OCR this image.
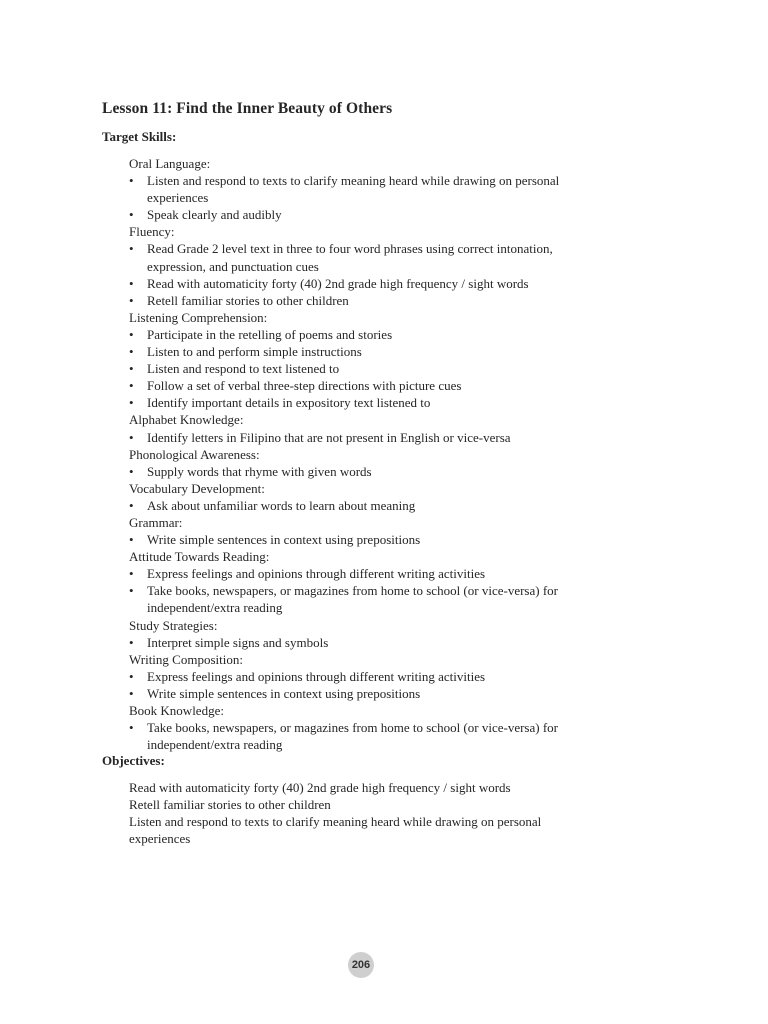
Lesson 11: Find the Inner Beauty of Others
Target Skills:
Oral Language:
• Listen and respond to texts to clarify meaning heard while drawing on personal
experiences
• Speak clearly and audibly
Fluency:
• Read Grade 2 level text in three to four word phrases using correct intonation,
expression, and punctuation cues
• Read with automaticity forty (40) 2nd grade high frequency / sight words
• Retell familiar stories to other children
Listening Comprehension:
• Participate in the retelling of poems and stories
• Listen to and perform simple instructions
• Listen and respond to text listened to
• Follow a set of verbal three-step directions with picture cues
• Identify important details in expository text listened to
Alphabet Knowledge:
• Identify letters in Filipino that are not present in English or vice-versa
Phonological Awareness:
• Supply words that rhyme with given words
Vocabulary Development:
• Ask about unfamiliar words to learn about meaning
Grammar:
• Write simple sentences in context using prepositions
Attitude Towards Reading:
• Express feelings and opinions through different writing activities
• Take books, newspapers, or magazines from home to school (or vice-versa) for
independent/extra reading
Study Strategies:
• Interpret simple signs and symbols
Writing Composition:
• Express feelings and opinions through different writing activities
• Write simple sentences in context using prepositions
Book Knowledge:
• Take books, newspapers, or magazines from home to school (or vice-versa) for
independent/extra reading
Objectives:
Read with automaticity forty (40) 2nd grade high frequency / sight words
Retell familiar stories to other children
Listen and respond to texts to clarify meaning heard while drawing on personal
experiences
206
